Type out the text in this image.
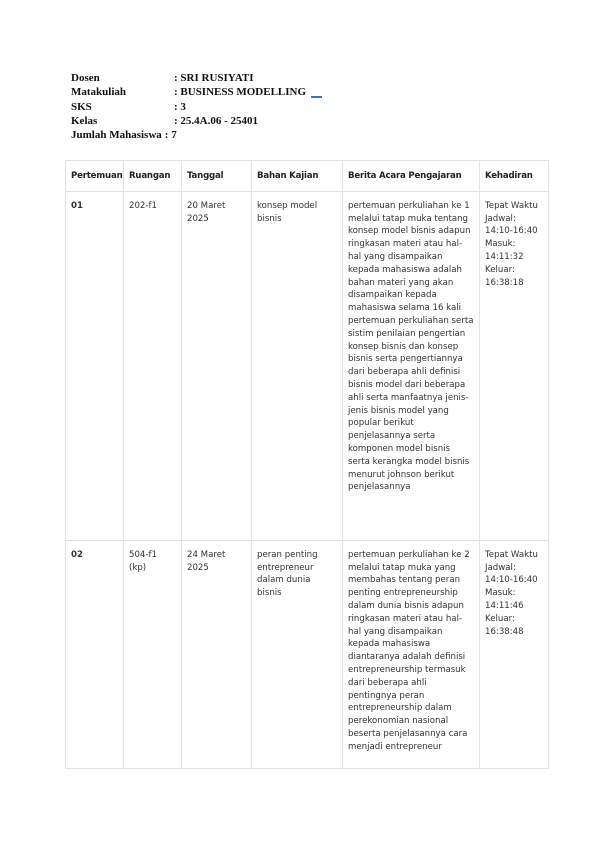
Dosen	: SRI RUSIYATI
Matakuliah	: BUSINESS MODELLING
SKS	: 3
Kelas	: 25.4A.06 - 25401
Jumlah Mahasiswa : 7
Pertemuan	Ruangan	Tanggal	Bahan Kajian	Berita Acara Pengajaran	Kehadiran
01	202-f1	20 Maret 2025	konsep model bisnis	pertemuan perkuliahan ke 1 melalui tatap muka tentang konsep model bisnis adapun ringkasan materi atau hal-hal yang disampaikan kepada mahasiswa adalah bahan materi yang akan disampaikan kepada mahasiswa selama 16 kali pertemuan perkuliahan serta sistim penilaian pengertian konsep bisnis dan konsep bisnis serta pengertiannya dari beberapa ahli definisi bisnis model dari beberapa ahli serta manfaatnya jenis-jenis bisnis model yang popular berikut penjelasannya serta komponen model bisnis serta kerangka model bisnis menurut johnson berikut penjelasannya	Tepat Waktu Jadwal: 14:10-16:40 Masuk: 14:11:32 Keluar: 16:38:18
02	504-f1 (kp)	24 Maret 2025	peran penting entrepreneur dalam dunia bisnis	pertemuan perkuliahan ke 2 melalui tatap muka yang membahas tentang peran penting entrepreneurship dalam dunia bisnis adapun ringkasan materi atau hal-hal yang disampaikan kepada mahasiswa diantaranya adalah definisi entrepreneurship termasuk dari beberapa ahli pentingnya peran entrepreneurship dalam perekonomian nasional beserta penjelasannya cara menjadi entrepreneur	Tepat Waktu Jadwal: 14:10-16:40 Masuk: 14:11:46 Keluar: 16:38:48
